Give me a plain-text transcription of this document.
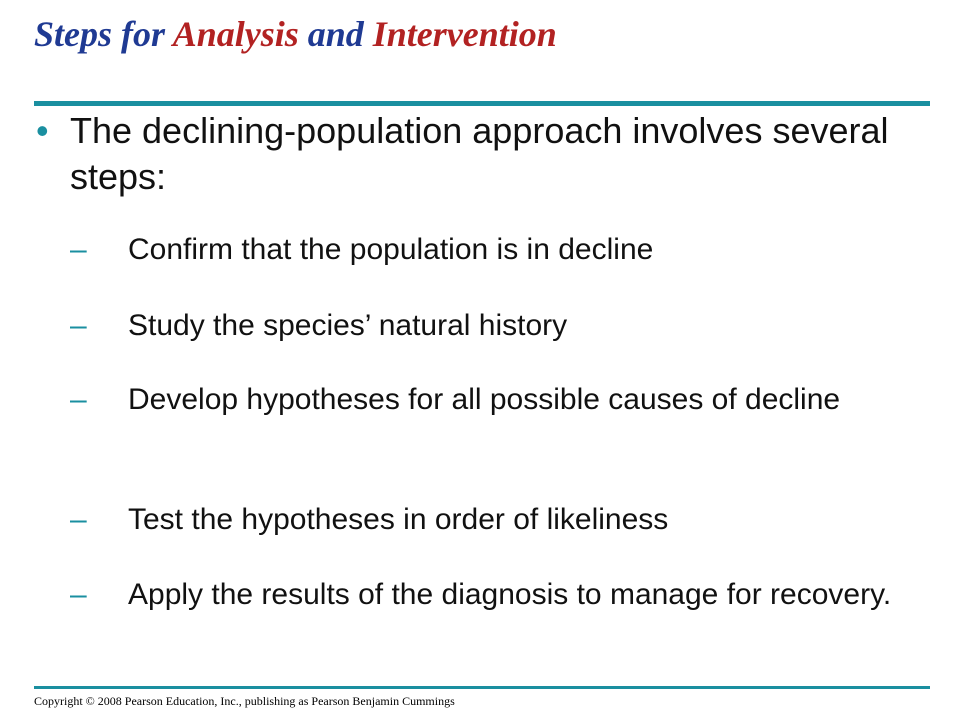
Steps for Analysis and Intervention
• The declining-population approach involves several steps:
– Confirm that the population is in decline
– Study the species’ natural history
– Develop hypotheses for all possible causes of decline
– Test the hypotheses in order of likeliness
– Apply the results of the diagnosis to manage for recovery.
Copyright © 2008 Pearson Education, Inc., publishing as Pearson Benjamin Cummings
